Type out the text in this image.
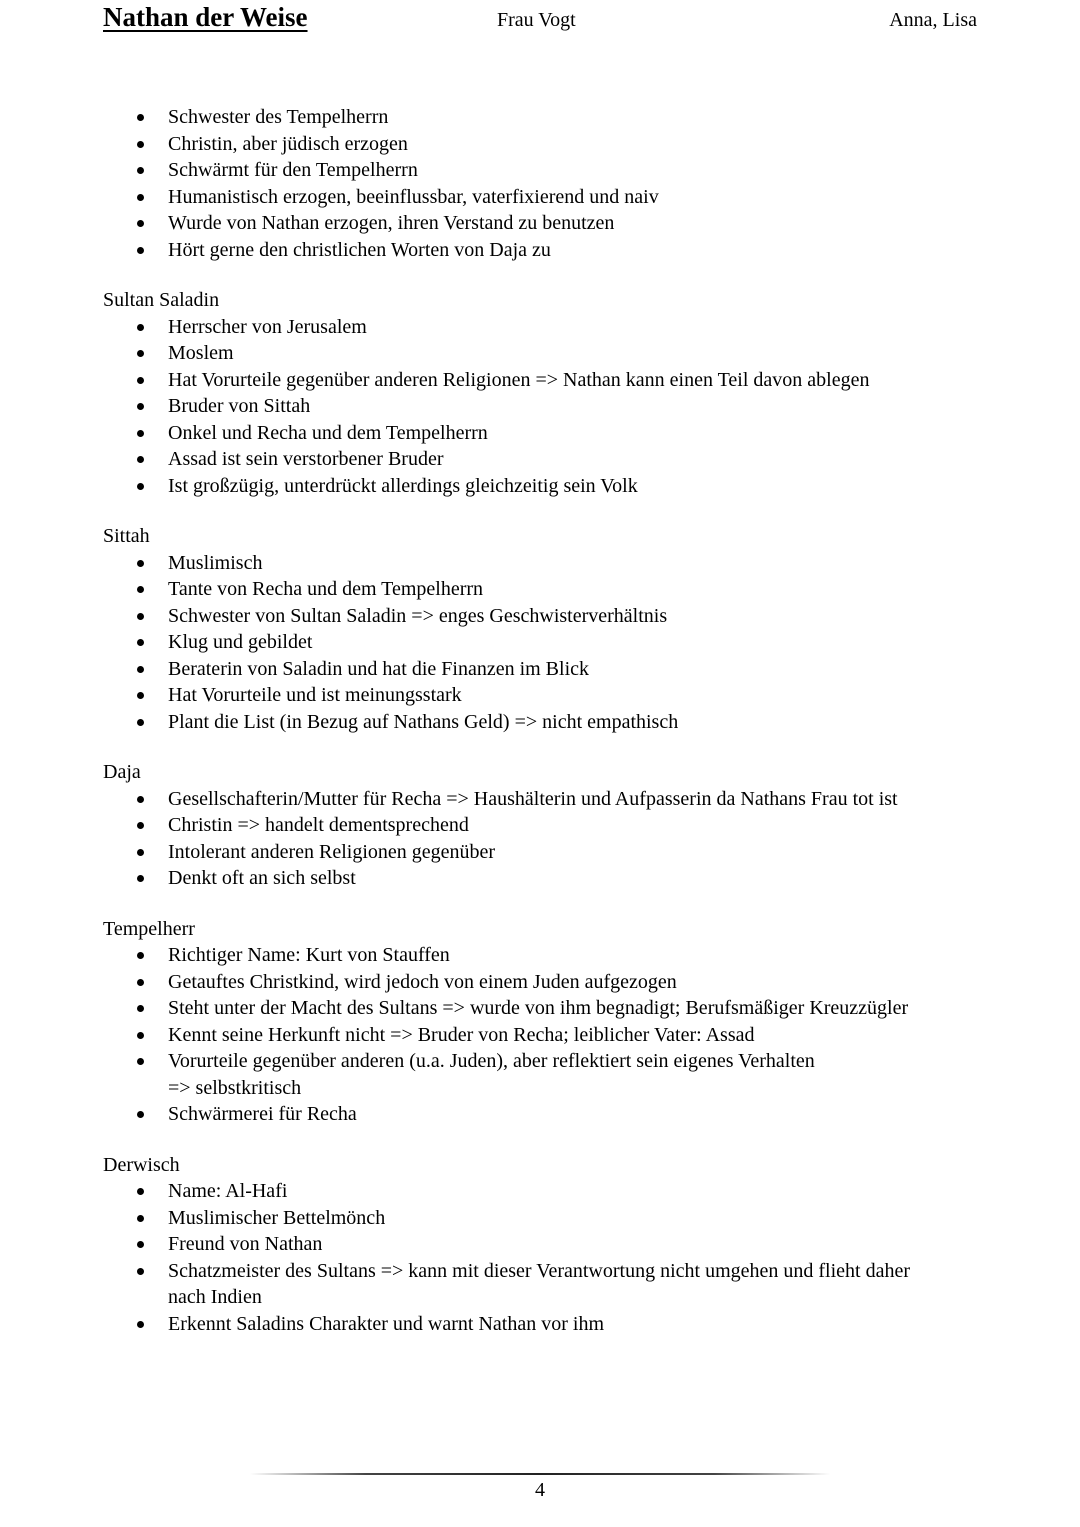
Nathan der Weise	Frau Vogt	Anna, Lisa
Schwester des Tempelherrn
Christin, aber jüdisch erzogen
Schwärmt für den Tempelherrn
Humanistisch erzogen, beeinflussbar, vaterfixierend und naiv
Wurde von Nathan erzogen, ihren Verstand zu benutzen
Hört gerne den christlichen Worten von Daja zu
Sultan Saladin
Herrscher von Jerusalem
Moslem
Hat Vorurteile gegenüber anderen Religionen => Nathan kann einen Teil davon ablegen
Bruder von Sittah
Onkel und Recha und dem Tempelherrn
Assad ist sein verstorbener Bruder
Ist großzügig, unterdrückt allerdings gleichzeitig sein Volk
Sittah
Muslimisch
Tante von Recha und dem Tempelherrn
Schwester von Sultan Saladin => enges Geschwisterverhältnis
Klug und gebildet
Beraterin von Saladin und hat die Finanzen im Blick
Hat Vorurteile und ist meinungsstark
Plant die List (in Bezug auf Nathans Geld) => nicht empathisch
Daja
Gesellschafterin/Mutter für Recha => Haushälterin und Aufpasserin da Nathans Frau tot ist
Christin => handelt dementsprechend
Intolerant anderen Religionen gegenüber
Denkt oft an sich selbst
Tempelherr
Richtiger Name: Kurt von Stauffen
Getauftes Christkind, wird jedoch von einem Juden aufgezogen
Steht unter der Macht des Sultans => wurde von ihm begnadigt; Berufsmäßiger Kreuzzügler
Kennt seine Herkunft nicht => Bruder von Recha; leiblicher Vater: Assad
Vorurteile gegenüber anderen (u.a. Juden), aber reflektiert sein eigenes Verhalten
=> selbstkritisch
Schwärmerei für Recha
Derwisch
Name: Al-Hafi
Muslimischer Bettelmönch
Freund von Nathan
Schatzmeister des Sultans => kann mit dieser Verantwortung nicht umgehen und flieht daher
nach Indien
Erkennt Saladins Charakter und warnt Nathan vor ihm
4
